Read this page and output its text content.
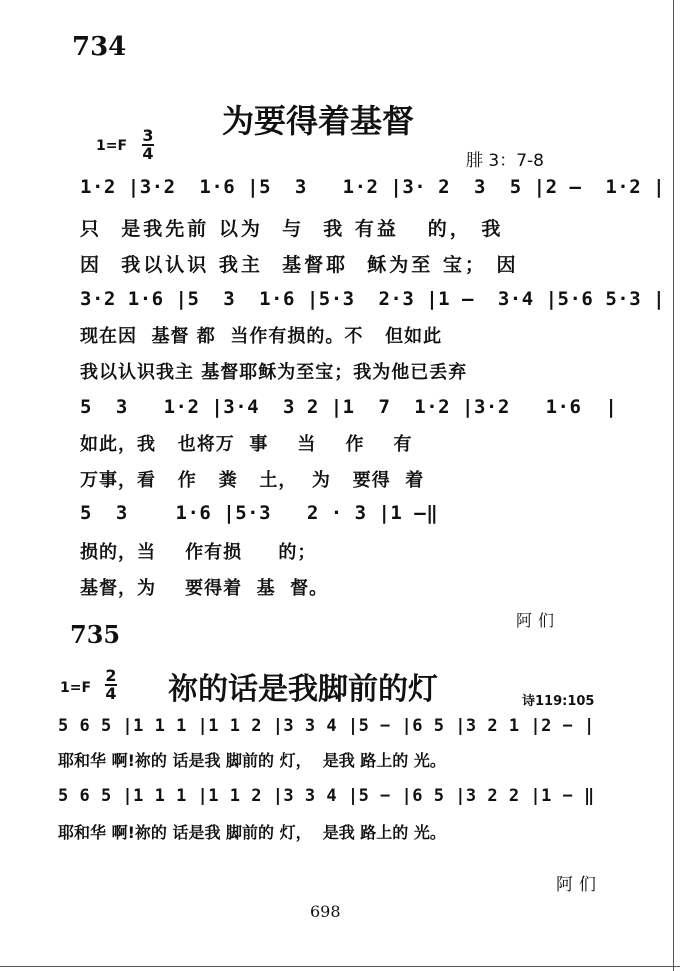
734
为要得着基督
1=F
3
4	腓 3：7-8
1·2 |3·2  1·6 |5  3   1·2 |3· 2  3  5 |2 —  1·2 |
只  是我先前 以为  与  我 有益   的， 我
因  我以认识 我主  基督耶  稣为至 宝； 因
3·2 1·6 |5  3  1·6 |5·3  2·3 |1 —  3·4 |5·6 5·3 |
现在因  基督 都  当作有损的。不   但如此
我以认识我主 基督耶稣为至宝；我为他已丢弃
5  3   1·2 |3·4  3 2 |1  7  1·2 |3·2   1·6  |
如此，我   也将万  事    当    作    有
万事，看   作   粪   土，  为   要得  着
5  3    1·6 |5·3   2 · 3 |1 —‖
损的，当    作有损     的；
基督，为    要得着  基  督。
阿们
735
1=F
2
4 祢的话是我脚前的灯	诗119:105
5 6 5 |1 1 1 |1 1 2 |3 3 4 |5 − |6 5 |3 2 1 |2 − |
耶和华 啊!祢的 话是我 脚前的 灯，  是我 路上的 光。
5 6 5 |1 1 1 |1 1 2 |3 3 4 |5 − |6 5 |3 2 2 |1 − ‖
耶和华 啊!祢的 话是我 脚前的 灯，  是我 路上的 光。
阿们
698
